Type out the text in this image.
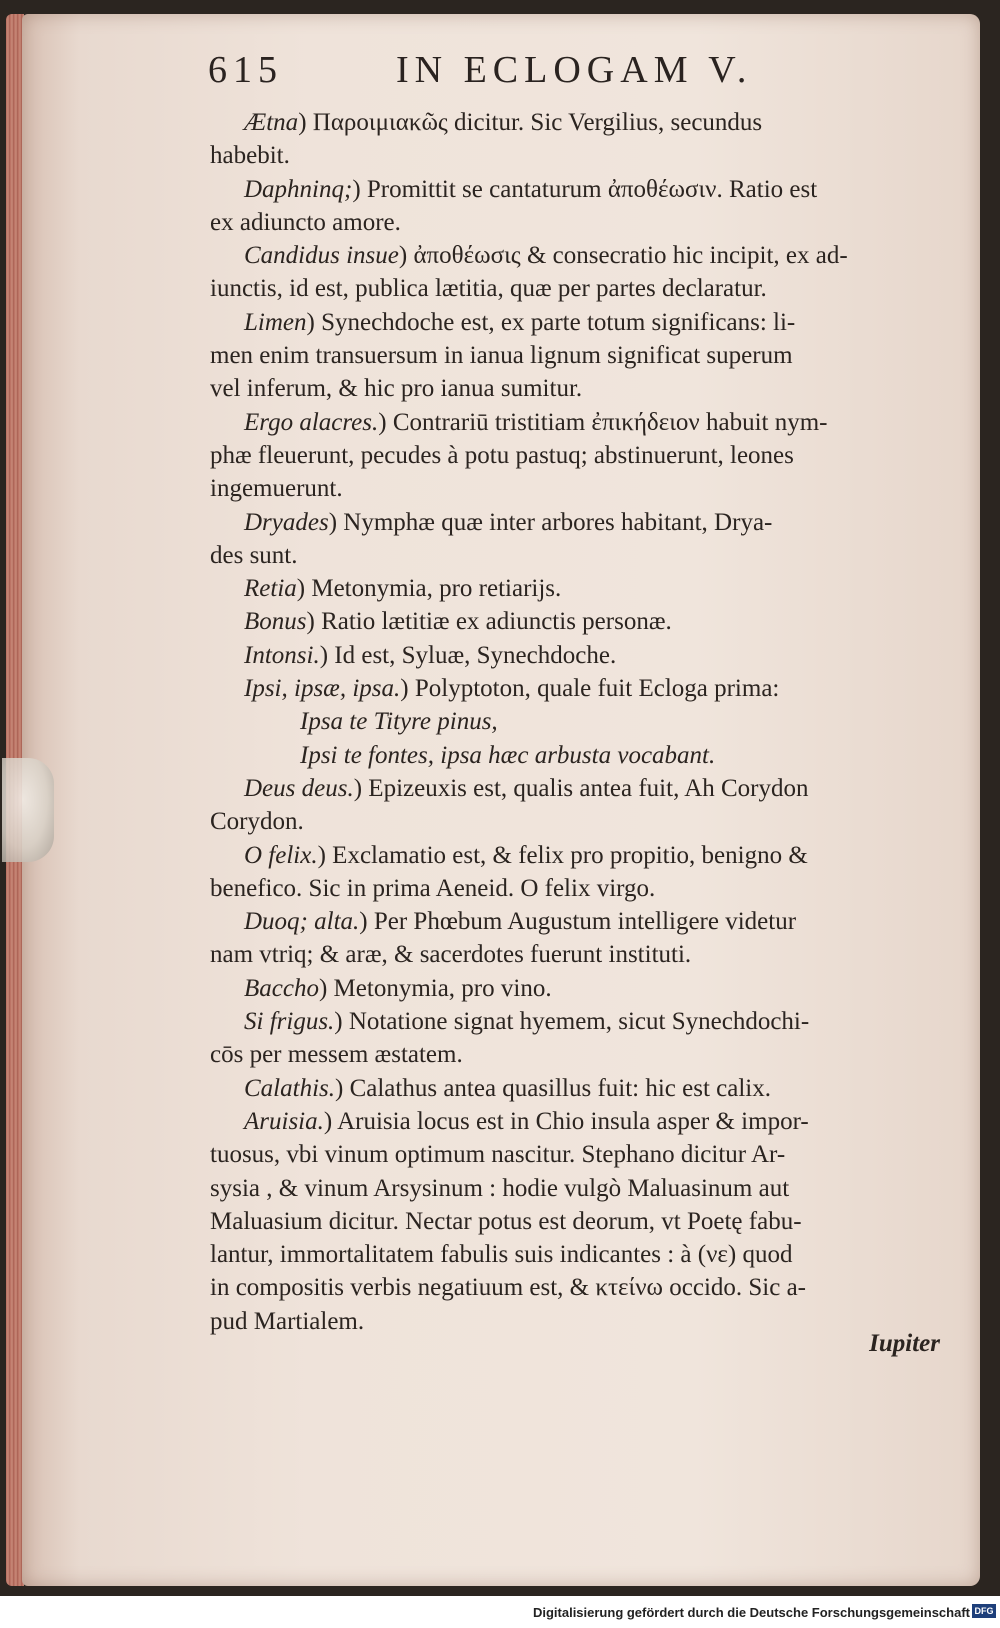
615	IN ECLOGAM V.
Ætna) Παροιμιακῶς dicitur. Sic Vergilius, secundus
habebit.
Daphninq;) Promittit se cantaturum ἀποθέωσιν. Ratio est
ex adiuncto amore.
Candidus insue) ἀποθέωσις & consecratio hic incipit, ex ad-
iunctis, id est, publica lætitia, quæ per partes declaratur.
Limen) Synechdoche est, ex parte totum significans: li-
men enim transuersum in ianua lignum significat superum
vel inferum, & hic pro ianua sumitur.
Ergo alacres.) Contrariū tristitiam ἐπικήδειον habuit nym-
phæ fleuerunt, pecudes à potu pastuq; abstinuerunt, leones
ingemuerunt.
Dryades) Nymphæ quæ inter arbores habitant, Drya-
des sunt.
Retia) Metonymia, pro retiarijs.
Bonus) Ratio lætitiæ ex adiunctis personæ.
Intonsi.) Id est, Syluæ, Synechdoche.
Ipsi, ipsæ, ipsa.) Polyptoton, quale fuit Ecloga prima:
Ipsa te Tityre pinus,
Ipsi te fontes, ipsa hæc arbusta vocabant.
Deus deus.) Epizeuxis est, qualis antea fuit, Ah Corydon
Corydon.
O felix.) Exclamatio est, & felix pro propitio, benigno &
benefico. Sic in prima Aeneid. O felix virgo.
Duoq; alta.) Per Phœbum Augustum intelligere videtur
nam vtriq; & aræ, & sacerdotes fuerunt instituti.
Baccho) Metonymia, pro vino.
Si frigus.) Notatione signat hyemem, sicut Synechdochi-
cōs per messem æstatem.
Calathis.) Calathus antea quasillus fuit: hic est calix.
Aruisia.) Aruisia locus est in Chio insula asper & impor-
tuosus, vbi vinum optimum nascitur. Stephano dicitur Ar-
sysia , & vinum Arsysinum : hodie vulgò Maluasinum aut
Maluasium dicitur. Nectar potus est deorum, vt Poetę fabu-
lantur, immortalitatem fabulis suis indicantes : à (νε) quod
in compositis verbis negatiuum est, & κτείνω occido. Sic a-
pud Martialem.
Iupiter
Digitalisierung gefördert durch die Deutsche Forschungsgemeinschaft DFG
